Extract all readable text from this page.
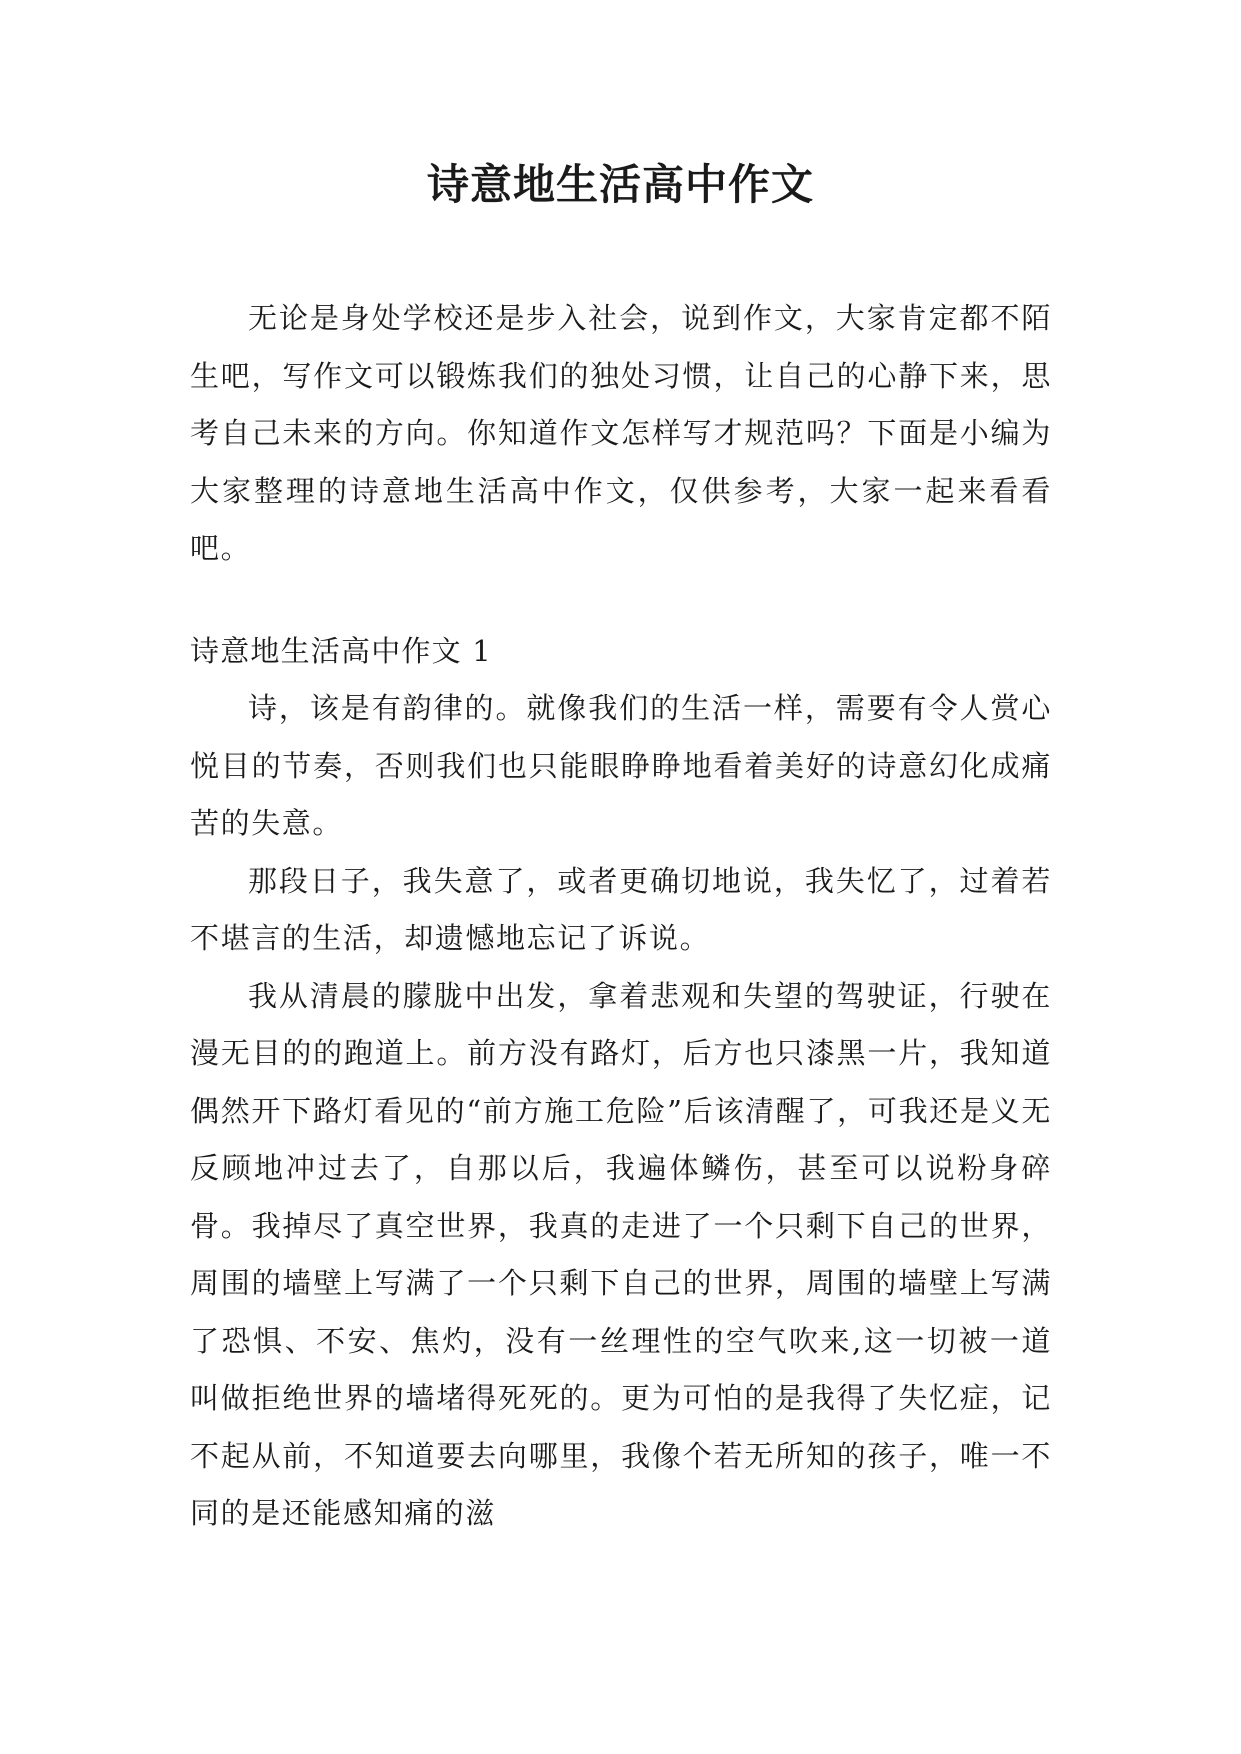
诗意地生活高中作文

无论是身处学校还是步入社会，说到作文，大家肯定都不陌生吧，写作文可以锻炼我们的独处习惯，让自己的心静下来，思考自己未来的方向。你知道作文怎样写才规范吗？下面是小编为大家整理的诗意地生活高中作文，仅供参考，大家一起来看看吧。

诗意地生活高中作文 1

诗，该是有韵律的。就像我们的生活一样，需要有令人赏心悦目的节奏，否则我们也只能眼睁睁地看着美好的诗意幻化成痛苦的失意。

那段日子，我失意了，或者更确切地说，我失忆了，过着若不堪言的生活，却遗憾地忘记了诉说。

我从清晨的朦胧中出发，拿着悲观和失望的驾驶证，行驶在漫无目的的跑道上。前方没有路灯，后方也只漆黑一片，我知道偶然开下路灯看见的“前方施工危险”后该清醒了，可我还是义无反顾地冲过去了，自那以后，我遍体鳞伤，甚至可以说粉身碎骨。我掉尽了真空世界，我真的走进了一个只剩下自己的世界，周围的墙壁上写满了一个只剩下自己的世界，周围的墙壁上写满了恐惧、不安、焦灼，没有一丝理性的空气吹来,这一切被一道叫做拒绝世界的墙堵得死死的。更为可怕的是我得了失忆症，记不起从前，不知道要去向哪里，我像个若无所知的孩子，唯一不同的是还能感知痛的滋
